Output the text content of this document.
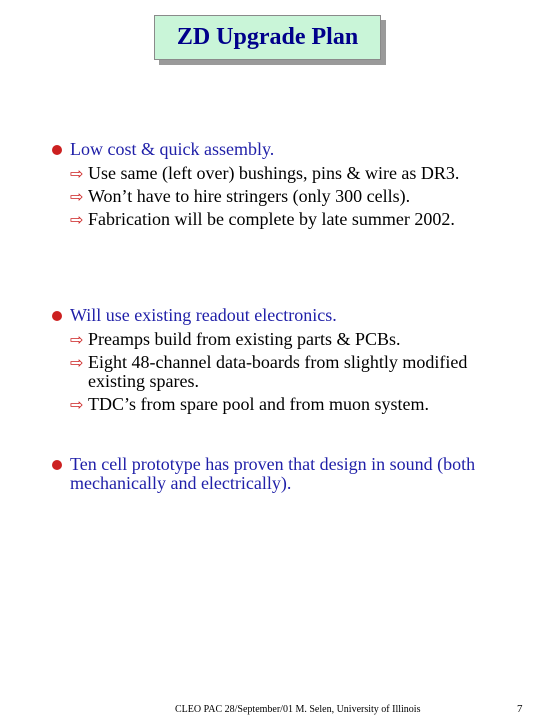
ZD Upgrade Plan
Low cost & quick assembly.
⇨ Use same (left over) bushings, pins & wire as DR3.
⇨ Won’t have to hire stringers (only 300 cells).
⇨ Fabrication will be complete by late summer 2002.
Will use existing readout electronics.
⇨ Preamps build from existing parts & PCBs.
⇨ Eight 48-channel data-boards from slightly modified existing spares.
⇨ TDC’s from spare pool and from muon system.
Ten cell prototype has proven that design in sound (both mechanically and electrically).
CLEO PAC 28/September/01 M. Selen, University of Illinois	7
